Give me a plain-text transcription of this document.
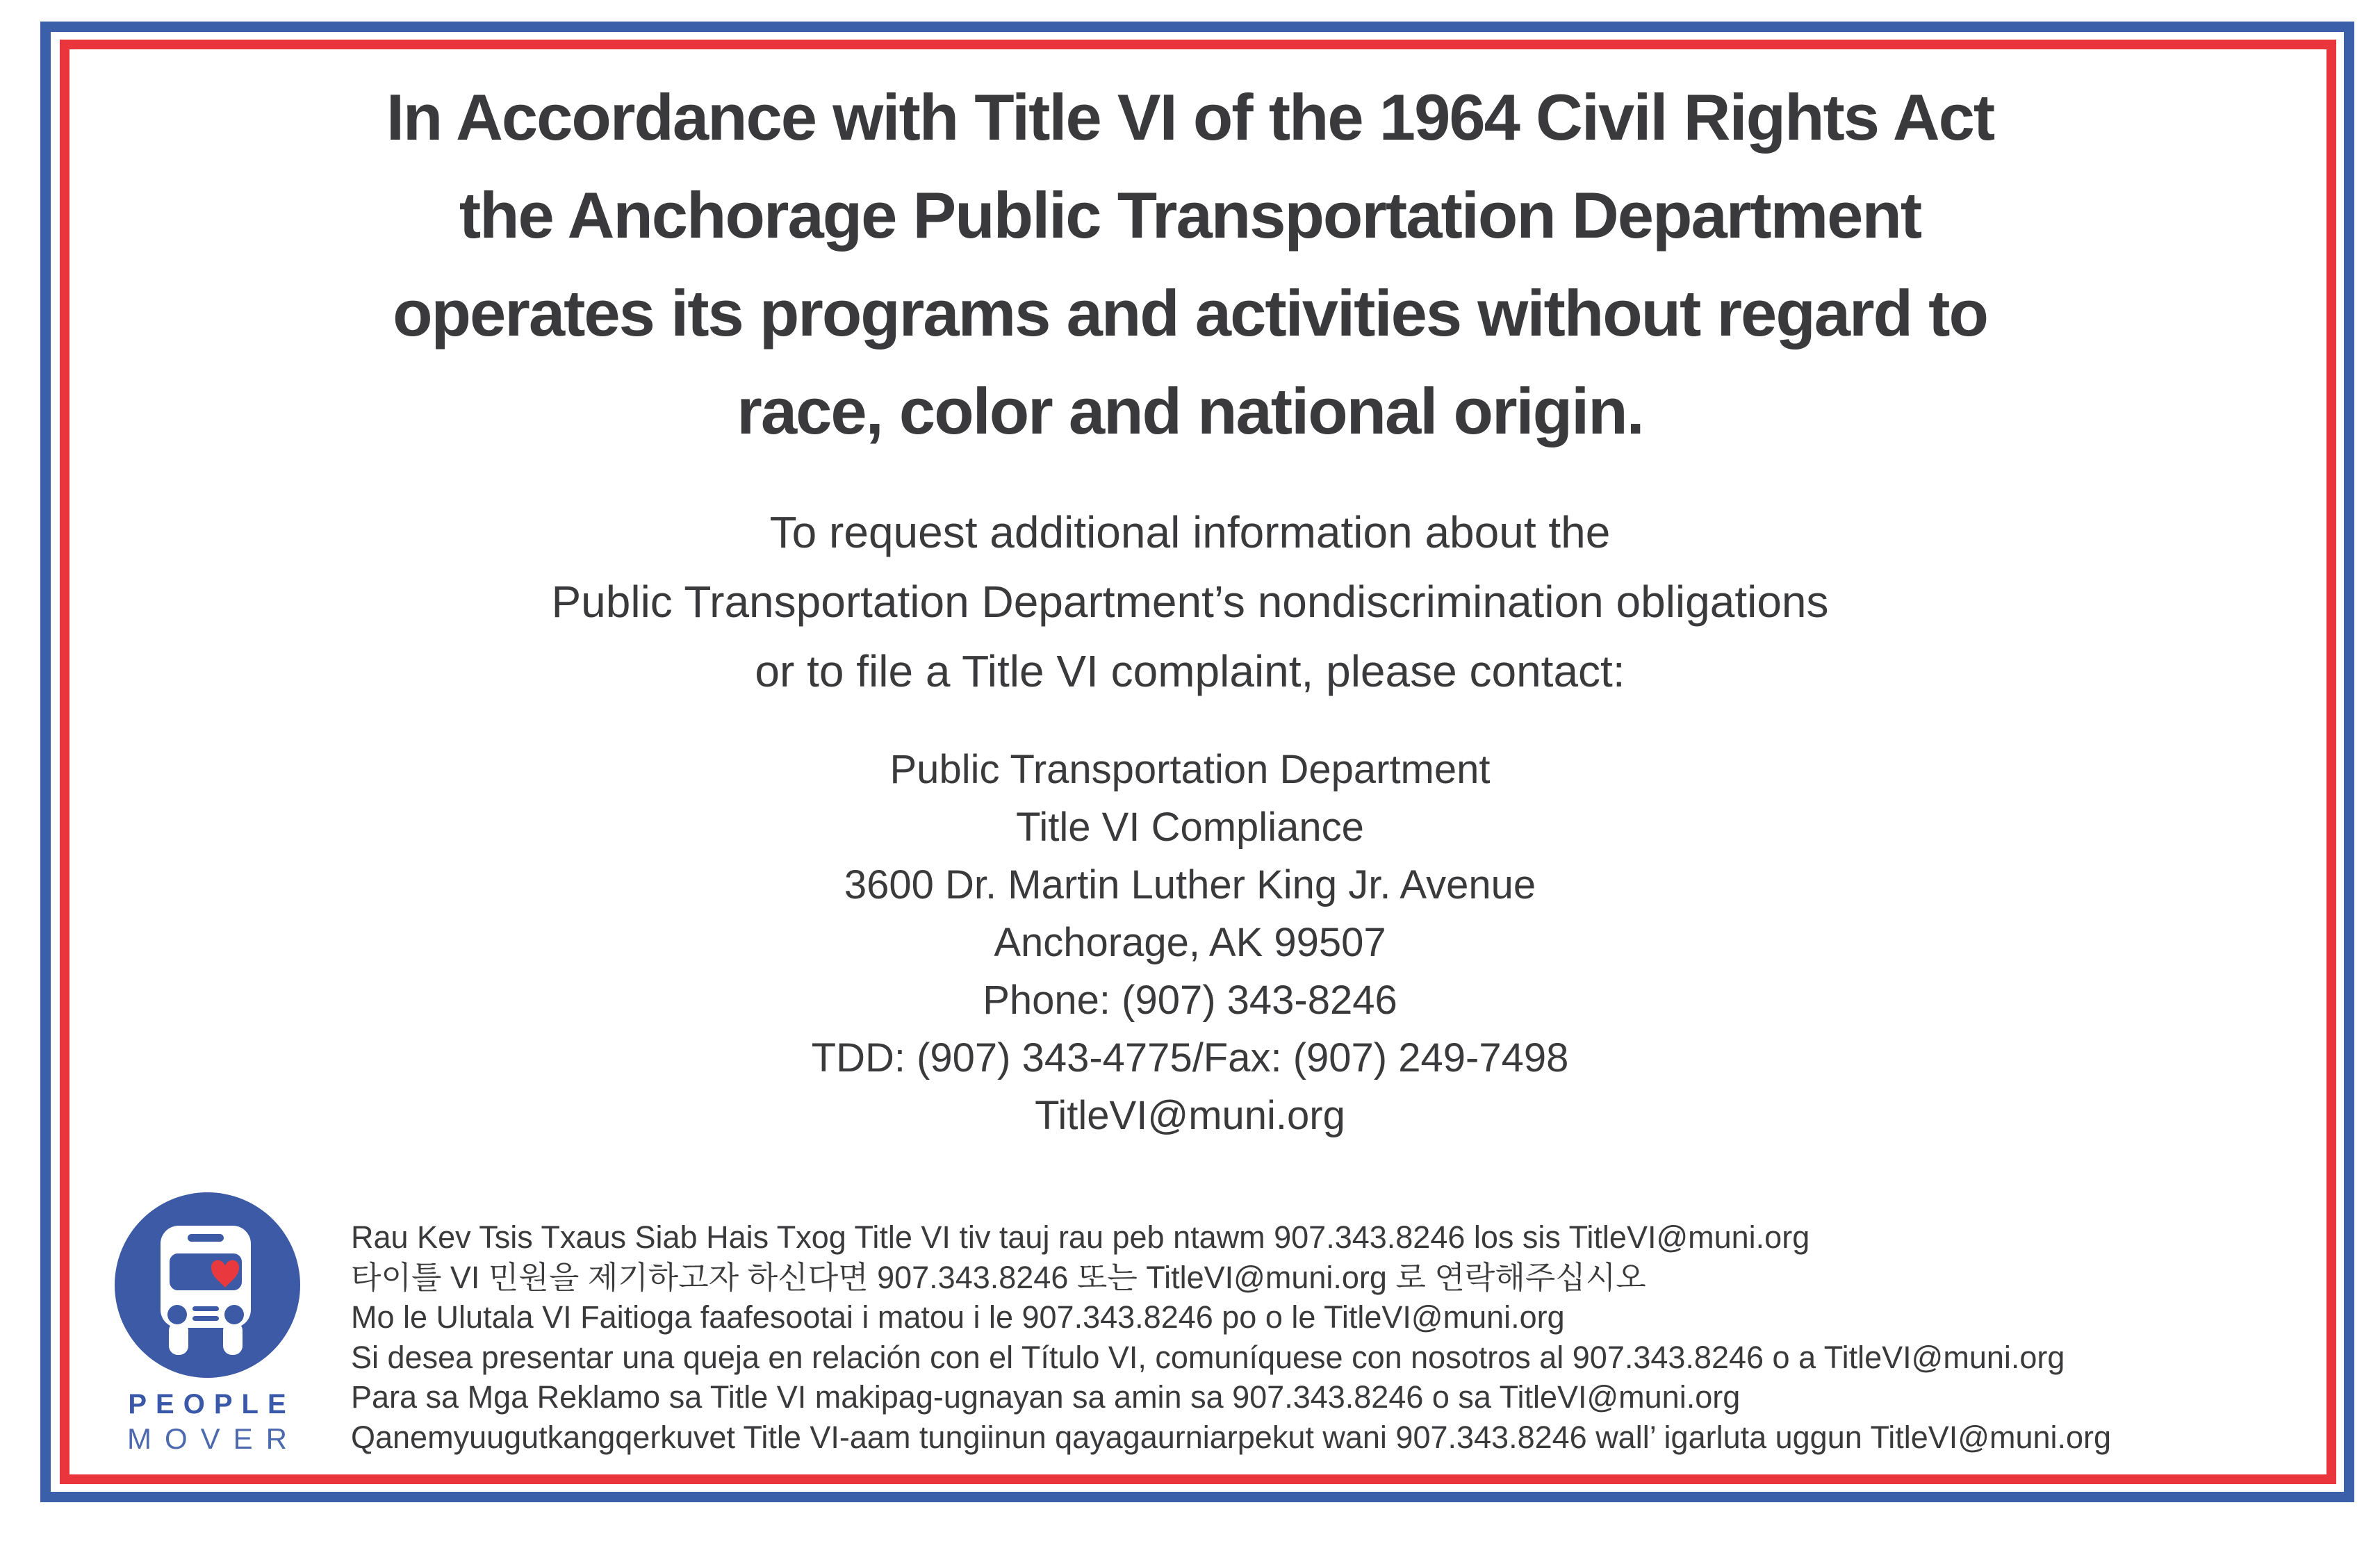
In Accordance with Title VI of the 1964 Civil Rights Act
the Anchorage Public Transportation Department
operates its programs and activities without regard to
race, color and national origin.
To request additional information about the
Public Transportation Department’s nondiscrimination obligations
or to file a Title VI complaint, please contact:
Public Transportation Department
Title VI Compliance
3600 Dr. Martin Luther King Jr. Avenue
Anchorage, AK 99507
Phone: (907) 343-8246
TDD: (907) 343-4775/Fax: (907) 249-7498
TitleVI@muni.org
PEOPLE
MOVER
Rau Kev Tsis Txaus Siab Hais Txog Title VI tiv tauj rau peb ntawm 907.343.8246 los sis TitleVI@muni.org
타이틀 VI 민원을 제기하고자 하신다면 907.343.8246 또는 TitleVI@muni.org 로 연락해주십시오
Mo le Ulutala VI Faitioga faafesootai i matou i le 907.343.8246 po o le TitleVI@muni.org
Si desea presentar una queja en relación con el Título VI, comuníquese con nosotros al 907.343.8246 o a TitleVI@muni.org
Para sa Mga Reklamo sa Title VI makipag-ugnayan sa amin sa 907.343.8246 o sa TitleVI@muni.org
Qanemyuugutkangqerkuvet Title VI-aam tungiinun qayagaurniarpekut wani 907.343.8246 wall’ igarluta uggun TitleVI@muni.org
